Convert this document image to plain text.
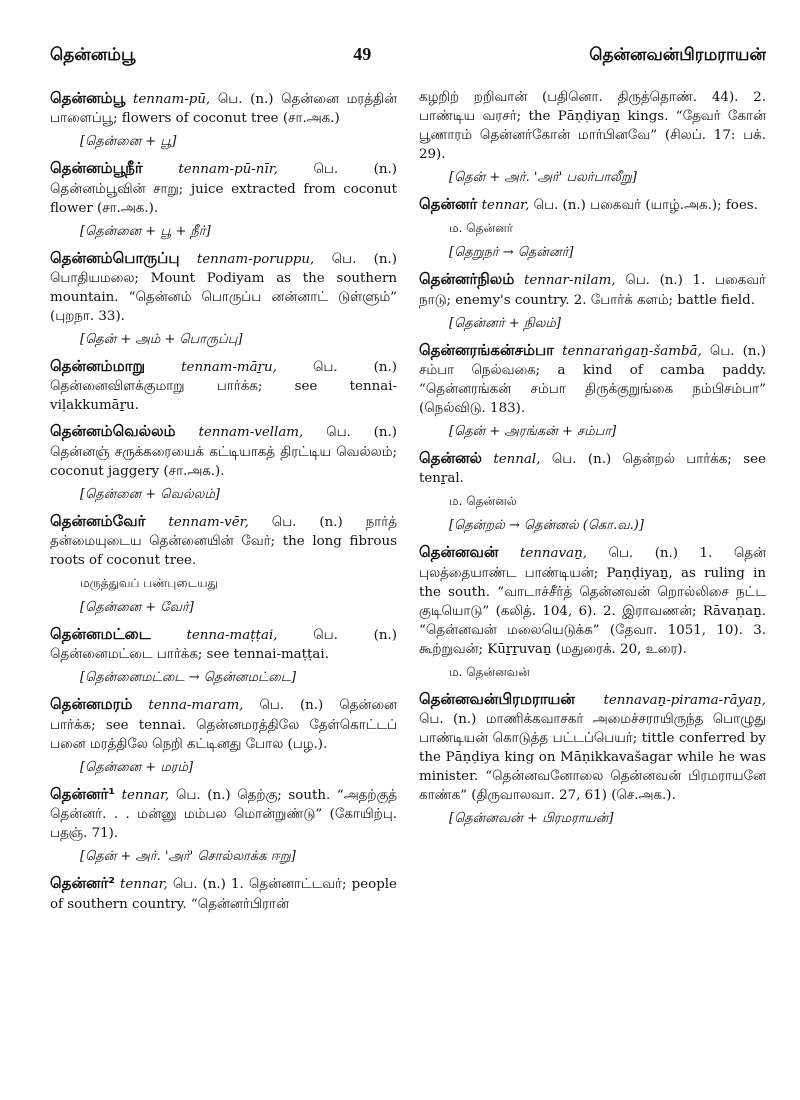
தென்னம்பூ	49	தென்னவன்பிரமராயன்
தென்னம்பூ tennam-pū, பெ. (n.) தென்னை மரத்தின் பாளைப்பூ; flowers of coconut tree (சா.அக.)
[தென்னை + பூ]
தென்னம்பூநீர்	tennam-pū-nīr,	பெ. (n.) தென்னம்பூவின் சாறு; juice extracted from coconut flower (சா.அக.).
[தென்னை + பூ + நீர்]
தென்னம்பொருப்பு tennam-poruppu, பெ. (n.) பொதியமலை; Mount Podiyam as the southern mountain. “தென்னம் பொருப்ப னன்னாட் டுள்ளும்” (புறநா. 33).
[தென் + அம் + பொருப்பு]
தென்னம்மாறு	tennam-māṟu,	பெ. (n.) தென்னைவிளக்குமாறு பார்க்க; see tennai-viḷakkumāṟu.
தென்னம்வெல்லம் tennam-vellam, பெ. (n.) தென்னஞ் சருக்கரையைக் கட்டியாகத் திரட்டிய வெல்லம்; coconut jaggery (சா.அக.).
[தென்னை + வெல்லம்]
தென்னம்வேர் tennam-vēr, பெ. (n.) நார்த் தன்மையுடைய தென்னையின் வேர்; the long fibrous roots of coconut tree.
மருத்துவப் பண்புடையது
[தென்னை + வேர்]
தென்னமட்டை	tenna-maṭṭai,	பெ. (n.) தென்னைமட்டை பார்க்க; see tennai-maṭṭai.
[தென்னைமட்டை → தென்னமட்டை]
தென்னமரம் tenna-maram, பெ. (n.) தென்னை பார்க்க; see tennai. தென்னமரத்திலே தேள்கொட்டப் பனை மரத்திலே நெறி கட்டினது போல (பழ.).
[தென்னை + மரம்]
தென்னர்¹ tennar, பெ. (n.) தெற்கு; south. “அதற்குத் தென்னர். . . மன்னு மம்பல மொன்றுண்டு” (கோயிற்பு. பதஞ். 71).
[தென் + அர். 'அர்' சொல்லாக்க ஈறு]
தென்னர்² tennar, பெ. (n.) 1. தென்னாட்டவர்; people of southern country. “தென்னர்பிரான்
கழறிற் றறிவான் (பதினொ. திருத்தொண். 44). 2. பாண்டிய வரசர்; the Pāṇḍiyaṉ kings. “தேவர் கோன் பூணாரம் தென்னர்கோன் மார்பினவே” (சிலப். 17: பக். 29).
[தென் + அர். 'அர்' பலர்பாலீறு]
தென்னர் tennar, பெ. (n.) பகைவர் (யாழ்.அக.); foes.
ம. தென்னர்
[தெறுநர் → தென்னர்]
தென்னர்நிலம் tennar-nilam, பெ. (n.) 1. பகைவர் நாடு; enemy's country. 2. போர்க் களம்; battle field.
[தென்னர் + நிலம்]
தென்னரங்கன்சம்பா tennaraṅgaṉ-šambā, பெ. (n.) சம்பா நெல்வகை; a kind of camba paddy. “தென்னரங்கன் சம்பா திருக்குறுங்கை நம்பிசம்பா” (நெல்விடு. 183).
[தென் + அரங்கன் + சம்பா]
தென்னல் tennal, பெ. (n.) தென்றல் பார்க்க; see tenṟal.
ம. தென்னல்
[தென்றல் → தென்னல் (கொ.வ.)]
தென்னவன் tennavaṉ, பெ. (n.) 1. தென் புலத்தையாண்ட பாண்டியன்; Paṇḍiyaṉ, as ruling in the south. “வாடாச்சீர்த் தென்னவன் றொல்லிசை நட்ட குடியொடு” (கலித். 104, 6). 2. இராவணன்; Rāvaṇaṉ. “தென்னவன் மலையெடுக்க” (தேவா. 1051, 10). 3. கூற்றுவன்; Kūṟṟuvaṉ (மதுரைக். 20, உரை).
ம. தென்னவன்
தென்னவன்பிரமராயன் tennavaṉ-pirama-rāyaṉ, பெ. (n.) மாணிக்கவாசகர் அமைச்சராயிருந்த பொழுது பாண்டியன் கொடுத்த பட்டப்பெயர்; tittle conferred by the Pāṇḍiya king on Māṇikkavašagar while he was minister. “தென்னவனோலை தென்னவன் பிரமராயனே காண்க” (திருவாலவா. 27, 61) (செ.அக.).
[தென்னவன் + பிரமராயன்]
